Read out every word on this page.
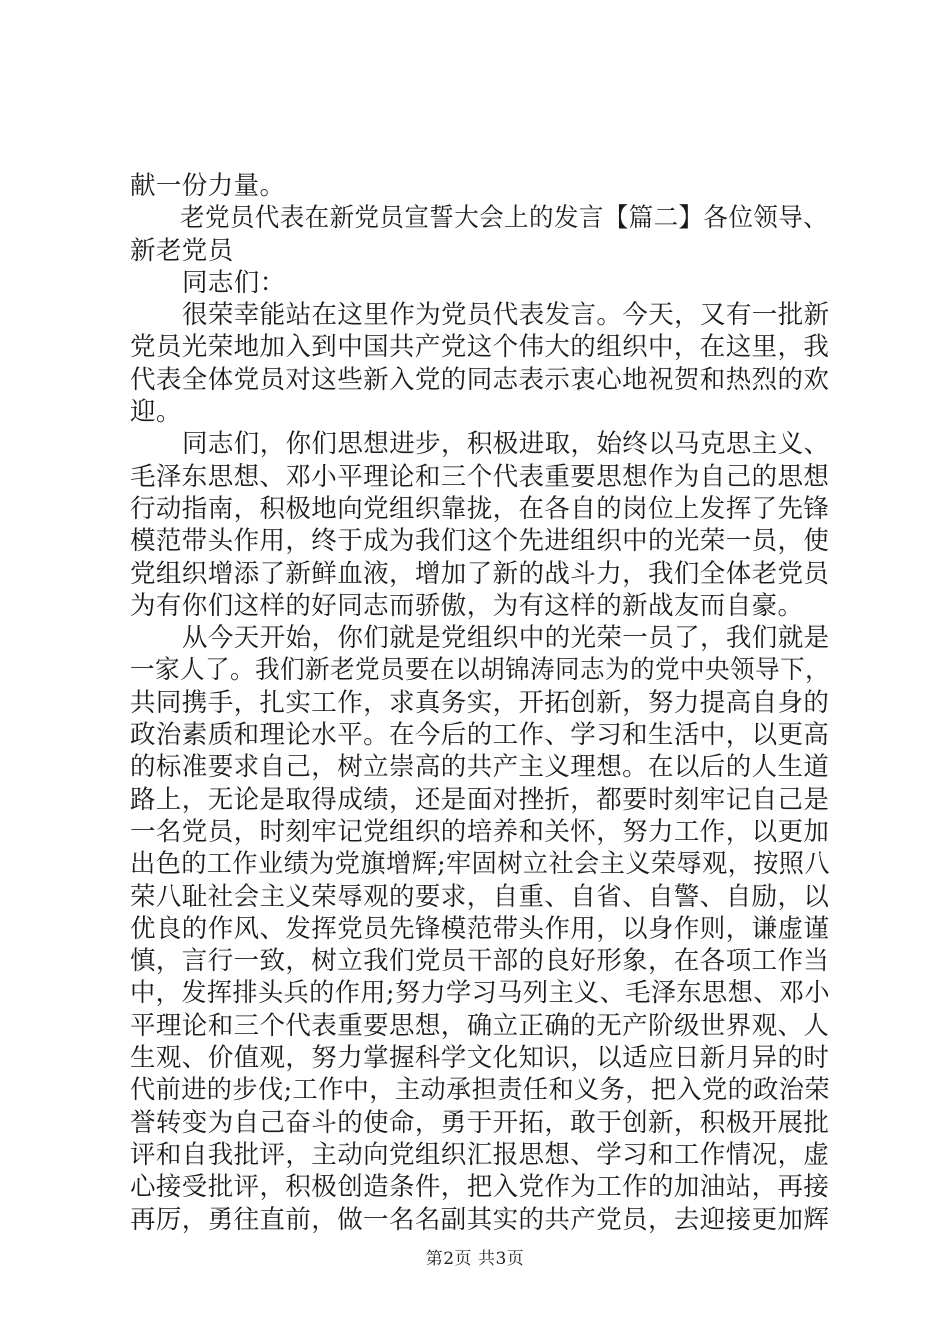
献一份力量。
老党员代表在新党员宣誓大会上的发言【篇二】各位领导、
新老党员
同志们：
很荣幸能站在这里作为党员代表发言。今天，又有一批新
党员光荣地加入到中国共产党这个伟大的组织中，在这里，我
代表全体党员对这些新入党的同志表示衷心地祝贺和热烈的欢
迎。
同志们，你们思想进步，积极进取，始终以马克思主义、
毛泽东思想、邓小平理论和三个代表重要思想作为自己的思想
行动指南，积极地向党组织靠拢，在各自的岗位上发挥了先锋
模范带头作用，终于成为我们这个先进组织中的光荣一员，使
党组织增添了新鲜血液，增加了新的战斗力，我们全体老党员
为有你们这样的好同志而骄傲，为有这样的新战友而自豪。
从今天开始，你们就是党组织中的光荣一员了，我们就是
一家人了。我们新老党员要在以胡锦涛同志为的党中央领导下，
共同携手，扎实工作，求真务实，开拓创新，努力提高自身的
政治素质和理论水平。在今后的工作、学习和生活中，以更高
的标准要求自己，树立崇高的共产主义理想。在以后的人生道
路上，无论是取得成绩，还是面对挫折，都要时刻牢记自己是
一名党员，时刻牢记党组织的培养和关怀，努力工作，以更加
出色的工作业绩为党旗增辉;牢固树立社会主义荣辱观，按照八
荣八耻社会主义荣辱观的要求，自重、自省、自警、自励，以
优良的作风、发挥党员先锋模范带头作用，以身作则，谦虚谨
慎，言行一致，树立我们党员干部的良好形象，在各项工作当
中，发挥排头兵的作用;努力学习马列主义、毛泽东思想、邓小
平理论和三个代表重要思想，确立正确的无产阶级世界观、人
生观、价值观，努力掌握科学文化知识，以适应日新月异的时
代前进的步伐;工作中，主动承担责任和义务，把入党的政治荣
誉转变为自己奋斗的使命，勇于开拓，敢于创新，积极开展批
评和自我批评，主动向党组织汇报思想、学习和工作情况，虚
心接受批评，积极创造条件，把入党作为工作的加油站，再接
再厉，勇往直前，做一名名副其实的共产党员，去迎接更加辉
第2页 共3页
